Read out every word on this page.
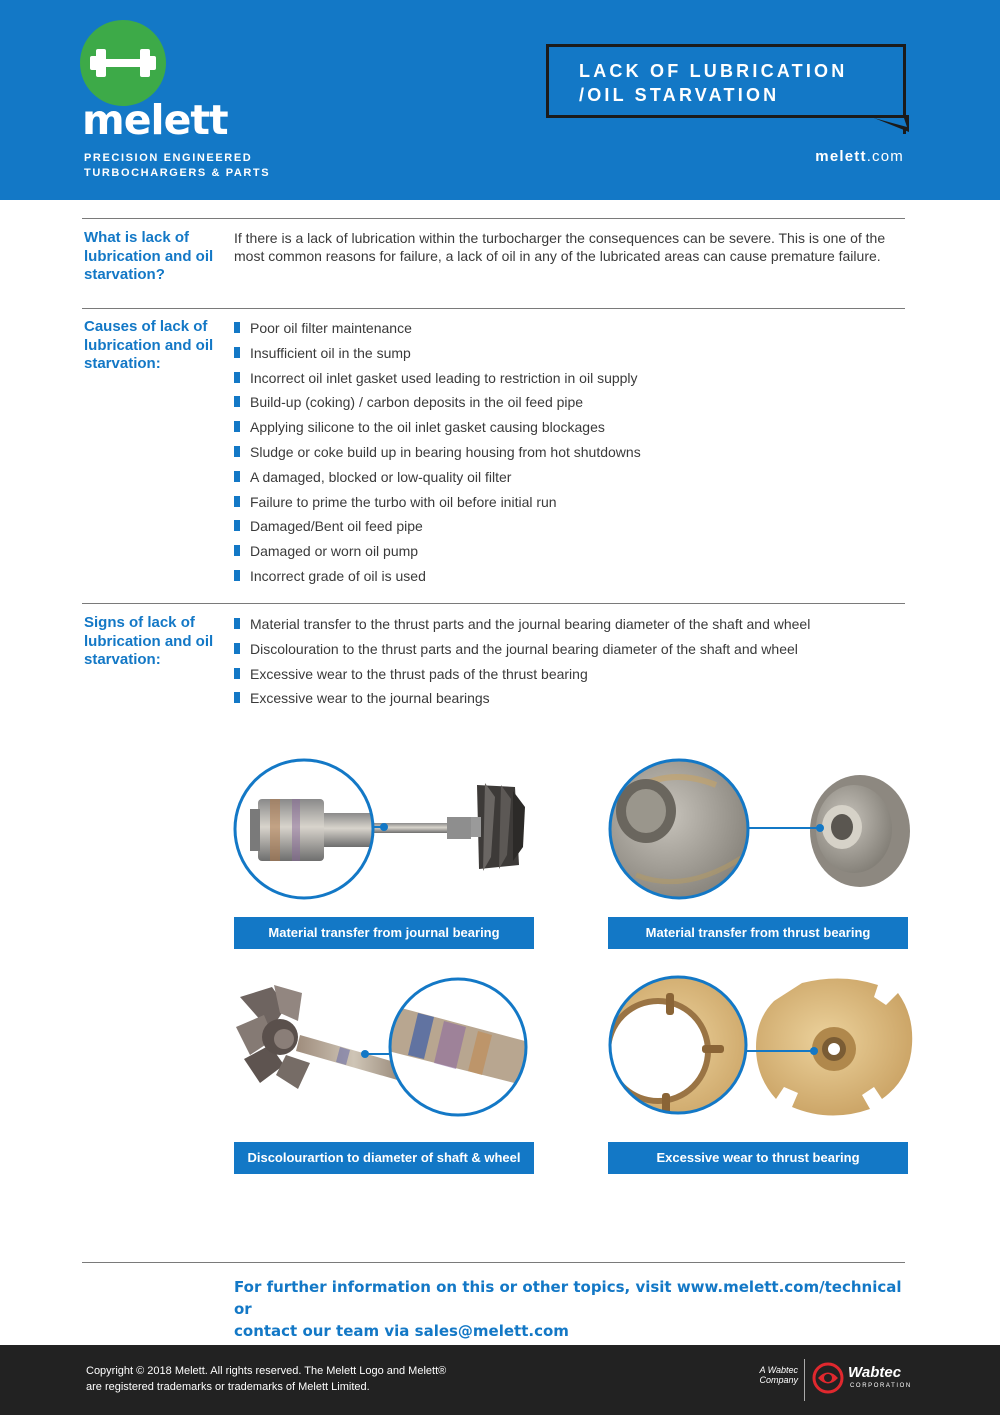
melett
PRECISION ENGINEERED
TURBOCHARGERS & PARTS
LACK OF LUBRICATION
/OIL STARVATION
melett.com
What is lack of lubrication and oil starvation?
If there is a lack of lubrication within the turbocharger the consequences can be severe. This is one of the most common reasons for failure, a lack of oil in any of the lubricated areas can cause premature failure.
Causes of lack of lubrication and oil starvation:
Poor oil filter maintenance
Insufficient oil in the sump
Incorrect oil inlet gasket used leading to restriction in oil supply
Build-up (coking) / carbon deposits in the oil feed pipe
Applying silicone to the oil inlet gasket causing blockages
Sludge or coke build up in bearing housing from hot shutdowns
A damaged, blocked or low-quality oil filter
Failure to prime the turbo with oil before initial run
Damaged/Bent oil feed pipe
Damaged or worn oil pump
Incorrect grade of oil is used
Signs of lack of lubrication and oil starvation:
Material transfer to the thrust parts and the journal bearing diameter of the shaft and wheel
Discolouration to the thrust parts and the journal bearing diameter of the shaft and wheel
Excessive wear to the thrust pads of the thrust bearing
Excessive wear to the journal bearings
Material transfer from journal bearing	Material transfer from thrust bearing
Discolourartion to diameter of shaft & wheel	Excessive wear to thrust bearing
For further information on this or other topics, visit www.melett.com/technical or
contact our team via sales@melett.com
Copyright © 2018 Melett. All rights reserved. The Melett Logo and Melett®
are registered trademarks or trademarks of Melett Limited.
A Wabtec
Company	Wabtec
CORPORATION
